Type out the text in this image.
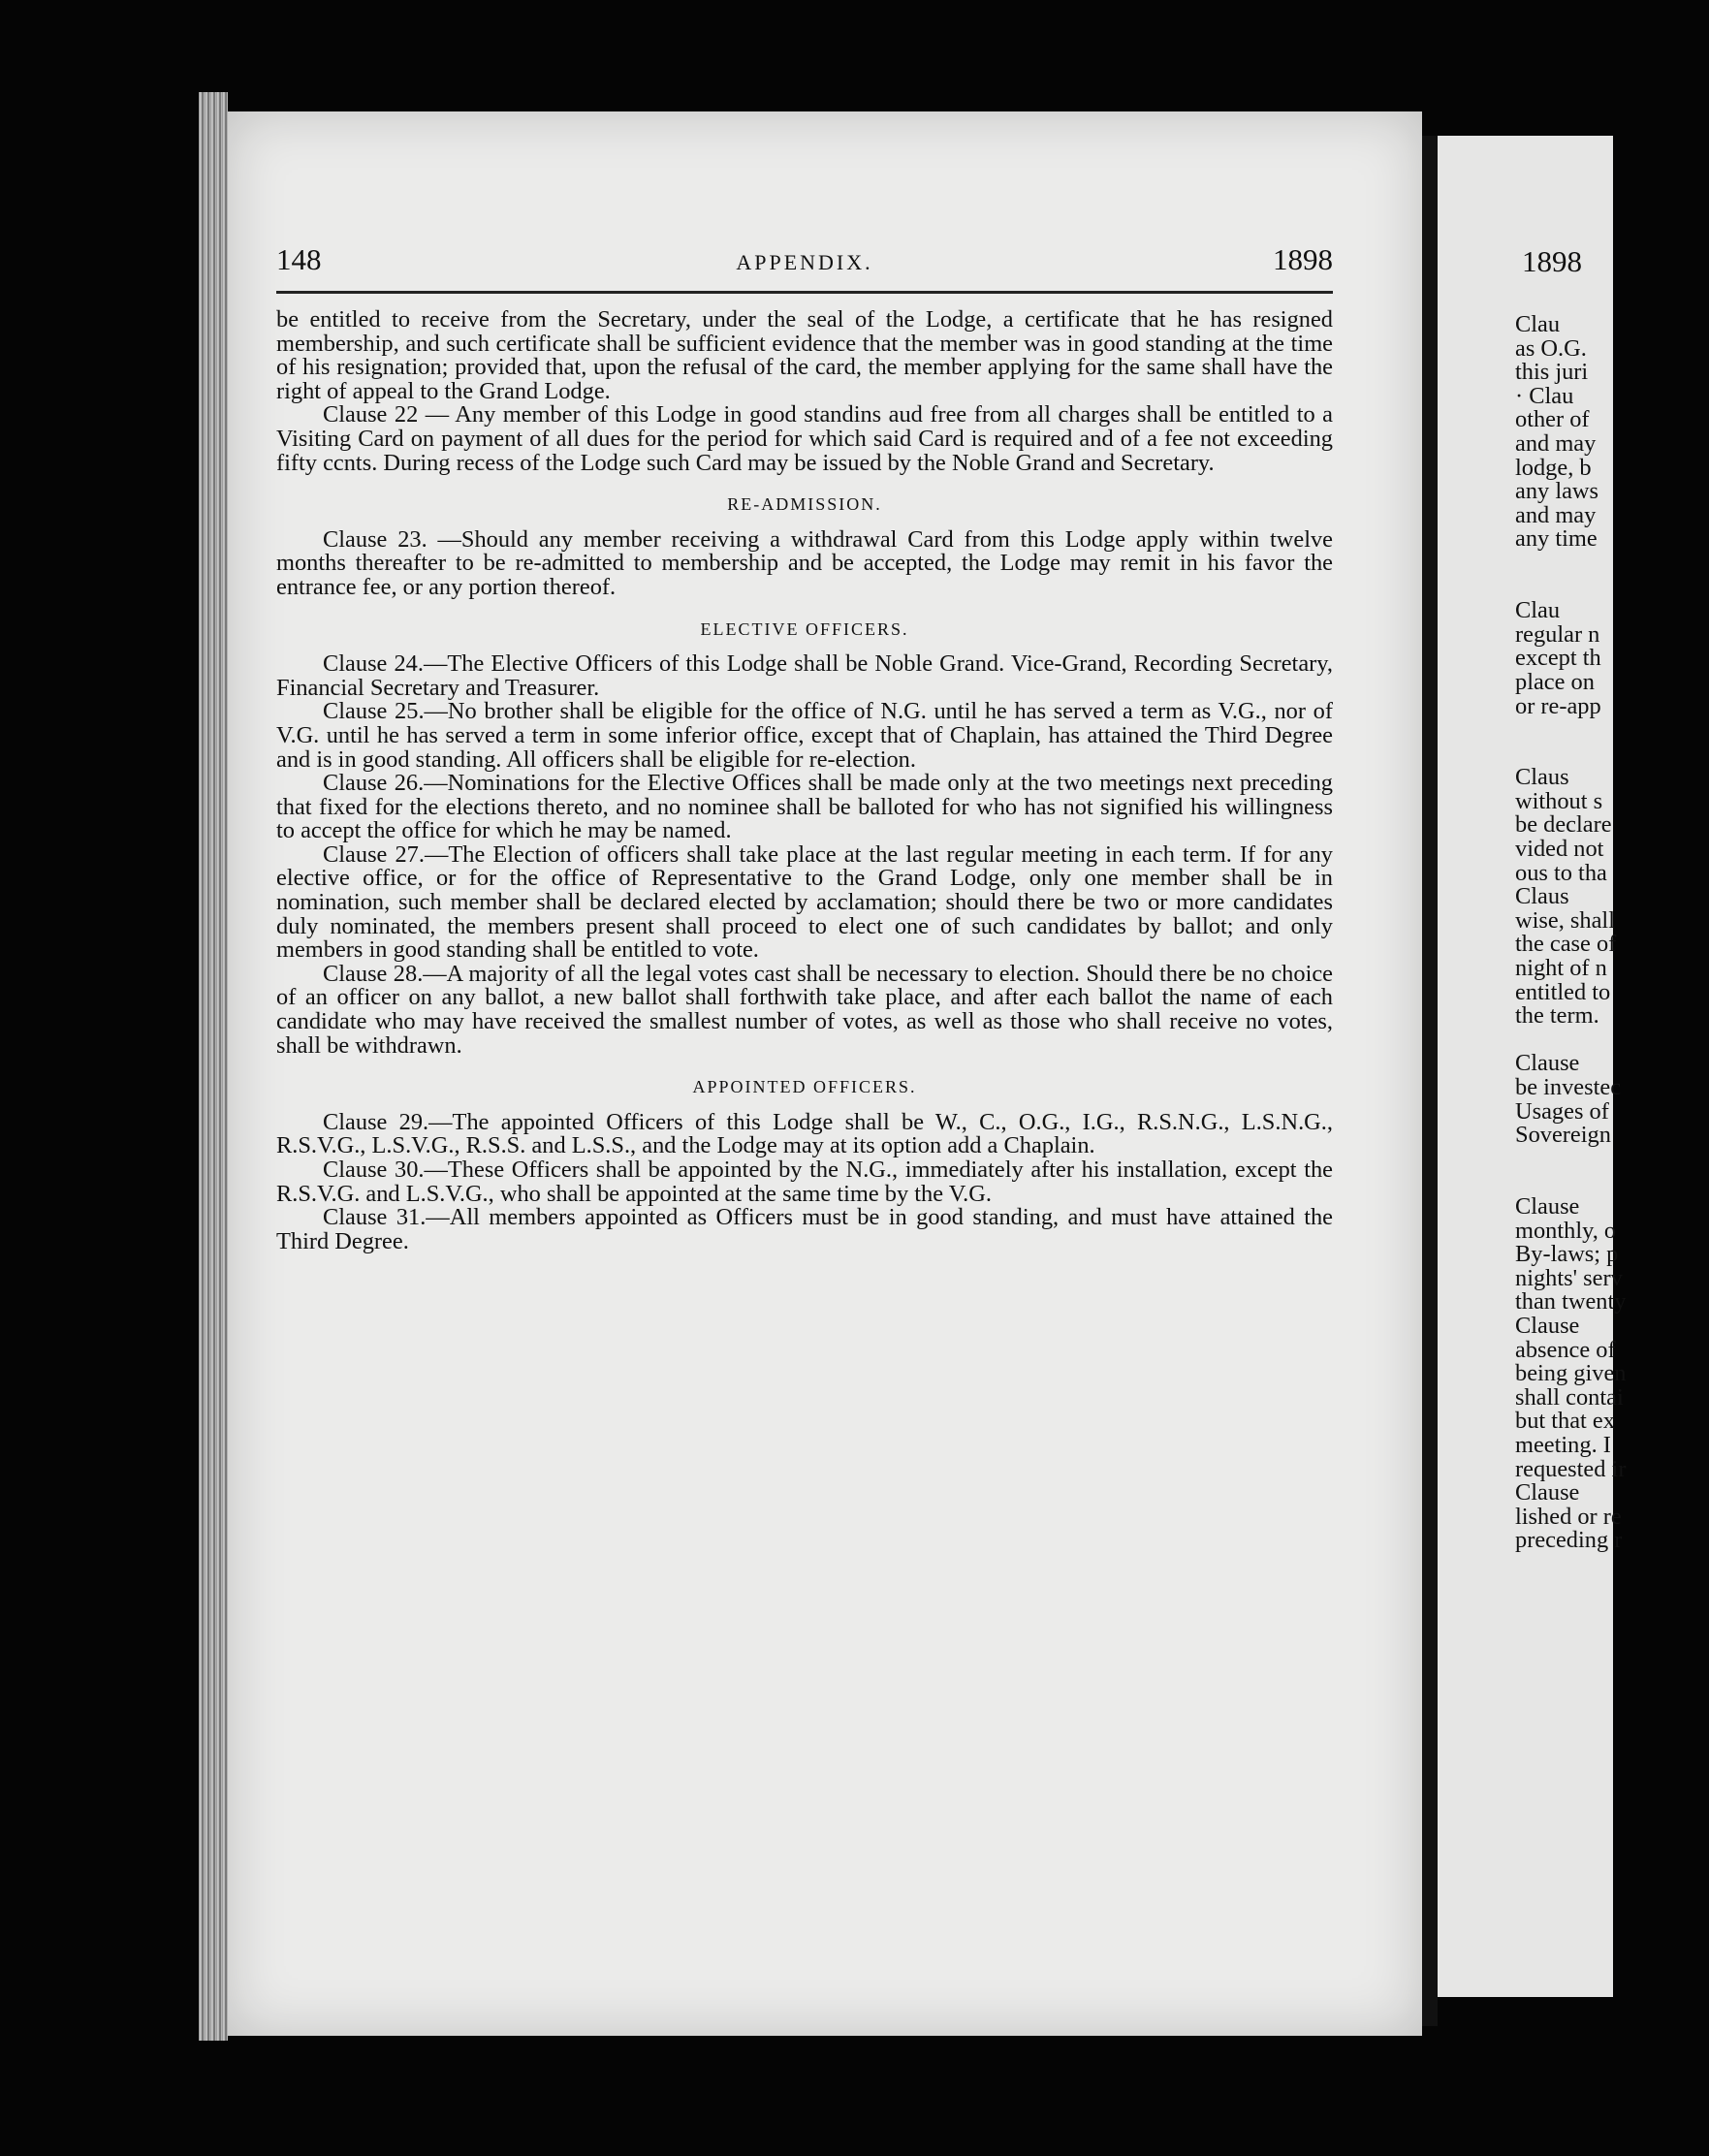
148	APPENDIX.	1898

be entitled to receive from the Secretary, under the seal of the Lodge, a certificate that he has resigned membership, and such certificate shall be sufficient evidence that the member was in good standing at the time of his resignation; provided that, upon the refusal of the card, the member applying for the same shall have the right of appeal to the Grand Lodge.

Clause 22 — Any member of this Lodge in good standins aud free from all charges shall be entitled to a Visiting Card on payment of all dues for the period for which said Card is required and of a fee not exceeding fifty ccnts. During recess of the Lodge such Card may be issued by the Noble Grand and Secretary.

RE-ADMISSION.

Clause 23. —Should any member receiving a withdrawal Card from this Lodge apply within twelve months thereafter to be re-admitted to membership and be accepted, the Lodge may remit in his favor the entrance fee, or any portion thereof.

ELECTIVE OFFICERS.

Clause 24.—The Elective Officers of this Lodge shall be Noble Grand. Vice-Grand, Recording Secretary, Financial Secretary and Treasurer.

Clause 25.—No brother shall be eligible for the office of N.G. until he has served a term as V.G., nor of V.G. until he has served a term in some inferior office, except that of Chaplain, has attained the Third Degree and is in good standing. All officers shall be eligible for re-election.

Clause 26.—Nominations for the Elective Offices shall be made only at the two meetings next preceding that fixed for the elections thereto, and no nominee shall be balloted for who has not signified his willingness to accept the office for which he may be named.

Clause 27.—The Election of officers shall take place at the last regular meeting in each term. If for any elective office, or for the office of Representative to the Grand Lodge, only one member shall be in nomination, such member shall be declared elected by acclamation; should there be two or more candidates duly nominated, the members present shall proceed to elect one of such candidates by ballot; and only members in good standing shall be entitled to vote.

Clause 28.—A majority of all the legal votes cast shall be necessary to election. Should there be no choice of an officer on any ballot, a new ballot shall forthwith take place, and after each ballot the name of each candidate who may have received the smallest number of votes, as well as those who shall receive no votes, shall be withdrawn.

APPOINTED OFFICERS.

Clause 29.—The appointed Officers of this Lodge shall be W., C., O.G., I.G., R.S.N.G., L.S.N.G., R.S.V.G., L.S.V.G., R.S.S. and L.S.S., and the Lodge may at its option add a Chaplain.

Clause 30.—These Officers shall be appointed by the N.G., immediately after his installation, except the R.S.V.G. and L.S.V.G., who shall be appointed at the same time by the V.G.

Clause 31.—All members appointed as Officers must be in good standing, and must have attained the Third Degree.

1898
Clau
as O.G.
this juri
· Clau
other of
and may
lodge, b
any laws
and may
any time
Clau
regular n
except th
place on
or re-app
Claus
without s
be declare
vided not
ous to tha
Claus
wise, shall
the case of
night of n
entitled to
the term.
Clause
be investec
Usages of
Sovereign
Clause
monthly, o
By-laws; p
nights' serv
than twenty
Clause
absence of
being given
shall contai
but that ex
meeting. I
requested ir
Clause
lished or re
preceding r
